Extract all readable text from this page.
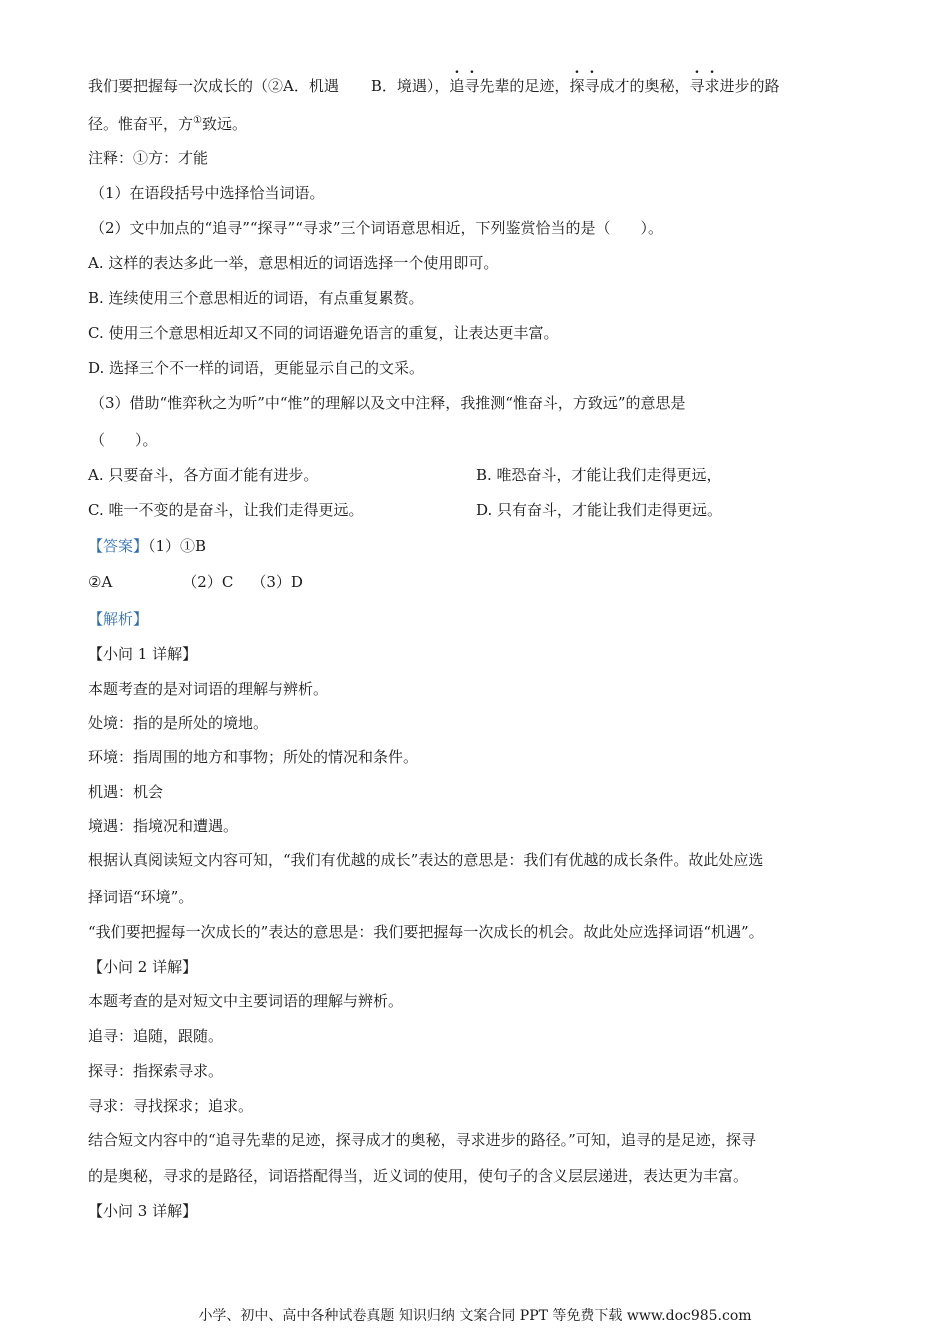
我们要把握每一次成长的（②A．机遇 B．境遇），追寻先辈的足迹，探寻成才的奥秘，寻求进步的路
径。惟奋平，方①致远。
注释：①方：才能
（1）在语段括号中选择恰当词语。
（2）文中加点的“追寻”“探寻”“寻求”三个词语意思相近，下列鉴赏恰当的是（　　）。
A. 这样的表达多此一举，意思相近的词语选择一个使用即可。
B. 连续使用三个意思相近的词语，有点重复累赘。
C. 使用三个意思相近却又不同的词语避免语言的重复，让表达更丰富。
D. 选择三个不一样的词语，更能显示自己的文采。
（3）借助“惟弈秋之为听”中“惟”的理解以及文中注释，我推测“惟奋斗，方致远”的意思是
（　　）。
A. 只要奋斗，各方面才能有进步。	B. 唯恐奋斗，才能让我们走得更远，
C. 唯一不变的是奋斗，让我们走得更远。	D. 只有奋斗，才能让我们走得更远。
【答案】（1）①B
②A	（2）C （3）D
【解析】
【小问 1 详解】
本题考查的是对词语的理解与辨析。
处境：指的是所处的境地。
环境：指周围的地方和事物；所处的情况和条件。
机遇：机会
境遇：指境况和遭遇。
根据认真阅读短文内容可知，“我们有优越的成长”表达的意思是：我们有优越的成长条件。故此处应选
择词语“环境”。
“我们要把握每一次成长的”表达的意思是：我们要把握每一次成长的机会。故此处应选择词语“机遇”。
【小问 2 详解】
本题考查的是对短文中主要词语的理解与辨析。
追寻：追随，跟随。
探寻：指探索寻求。
寻求：寻找探求；追求。
结合短文内容中的“追寻先辈的足迹，探寻成才的奥秘，寻求进步的路径。”可知，追寻的是足迹，探寻
的是奥秘，寻求的是路径，词语搭配得当，近义词的使用，使句子的含义层层递进，表达更为丰富。
【小问 3 详解】
小学、初中、高中各种试卷真题 知识归纳 文案合同 PPT 等免费下载 www.doc985.com
